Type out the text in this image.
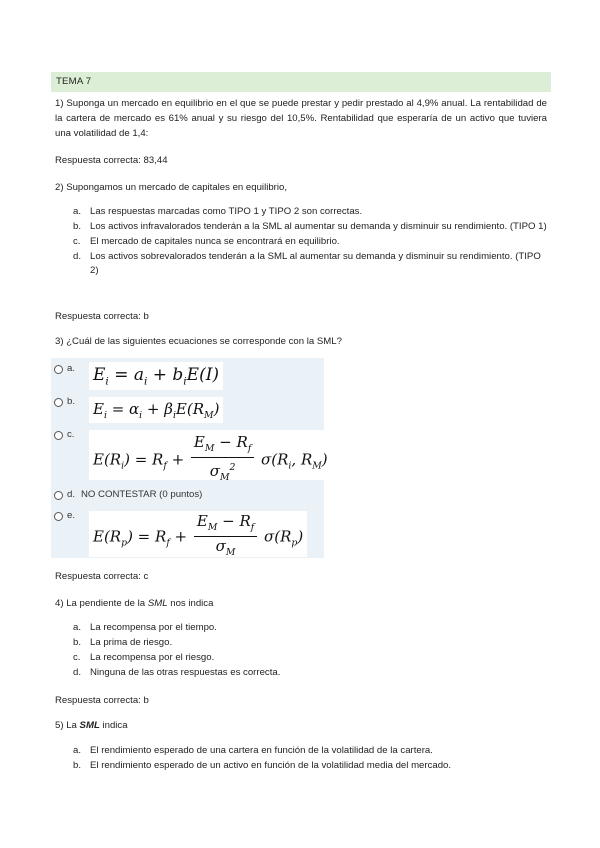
TEMA 7

1) Suponga un mercado en equilibrio en el que se puede prestar y pedir prestado al 4,9% anual. La rentabilidad de la cartera de mercado es 61% anual y su riesgo del 10,5%. Rentabilidad que esperaría de un activo que tuviera una volatilidad de 1,4:

Respuesta correcta: 83,44

2) Supongamos un mercado de capitales en equilibrio,

a. Las respuestas marcadas como TIPO 1 y TIPO 2 son correctas.
b. Los activos infravalorados tenderán a la SML al aumentar su demanda y disminuir su rendimiento. (TIPO 1)
c. El mercado de capitales nunca se encontrará en equilibrio.
d. Los activos sobrevalorados tenderán a la SML al aumentar su demanda y disminuir su rendimiento. (TIPO 2)

Respuesta correcta: b

3) ¿Cuál de las siguientes ecuaciones se corresponde con la SML?

a. $E_i = a_i + b_iE(I)$
b. $E_i = \alpha_i + \beta_iE(R_M)$
c.
$E(R_i) = R_f + \frac{E_M - R_f}{\sigma_M^2} \sigma(R_i$, $R_M$)
d. NO CONTESTAR (0 puntos)
e.
$E(R_p) = R_f + \frac{E_M - R_f}{\sigma_M} \sigma(R_p)$

Respuesta correcta: c

4) La pendiente de la SML nos indica

a. La recompensa por el tiempo.
b. La prima de riesgo.
c. La recompensa por el riesgo.
d. Ninguna de las otras respuestas es correcta.

Respuesta correcta: b

5) La SML indica

a. El rendimiento esperado de una cartera en función de la volatilidad de la cartera.
b. El rendimiento esperado de un activo en función de la volatilidad media del mercado.
